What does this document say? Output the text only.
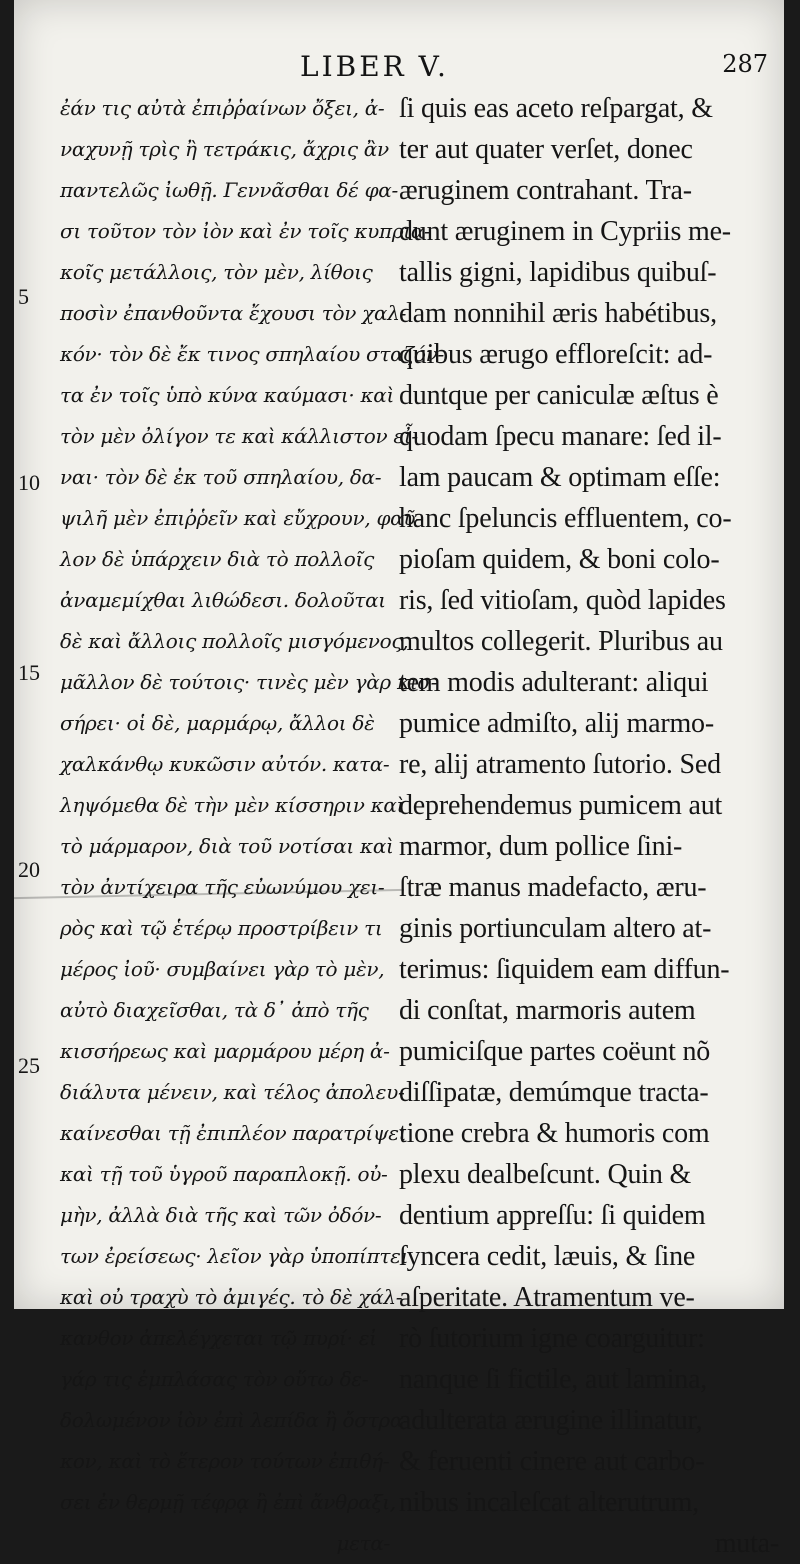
LIBER V.	287
5
10
15
20
25
ἐάν τις αὐτὰ ἐπιῤῥαίνων ὄξει, ἀ-
ναχυνῇ τρὶς ἢ τετράκις, ἄχρις ἂν
παντελῶς ἰωθῇ. Γεννᾶσθαι δέ φα-
σι τοῦτον τὸν ἰὸν καὶ ἐν τοῖς κυπρια-
κοῖς μετάλλοις, τὸν μὲν, λίθοις
ποσὶν ἐπανθοῦντα ἔχουσι τὸν χαλ-
κόν· τὸν δὲ ἔκ τινος σπηλαίου σταζόν-
τα ἐν τοῖς ὑπὸ κύνα καύμασι· καὶ
τὸν μὲν ὀλίγον τε καὶ κάλλιστον εἶ-
ναι· τὸν δὲ ἐκ τοῦ σπηλαίου, δα-
ψιλῆ μὲν ἐπιῤῥεῖν καὶ εὔχρουν, φαῦ-
λον δὲ ὑπάρχειν διὰ τὸ πολλοῖς
ἀναμεμίχθαι λιθώδεσι. δολοῦται
δὲ καὶ ἄλλοις πολλοῖς μισγόμενος,
μᾶλλον δὲ τούτοις· τινὲς μὲν γὰρ κισ-
σήρει· οἱ δὲ, μαρμάρῳ, ἄλλοι δὲ
χαλκάνθῳ κυκῶσιν αὐτόν. κατα-
ληψόμεθα δὲ τὴν μὲν κίσσηριν καὶ
τὸ μάρμαρον, διὰ τοῦ νοτίσαι καὶ
τὸν ἀντίχειρα τῆς εὐωνύμου χει-
ρὸς καὶ τῷ ἑτέρῳ προστρίβειν τι
μέρος ἰοῦ· συμβαίνει γὰρ τὸ μὲν,
αὐτὸ διαχεῖσθαι, τὰ δ᾽ ἀπὸ τῆς
κισσήρεως καὶ μαρμάρου μέρη ἀ-
διάλυτα μένειν, καὶ τέλος ἀπολευ-
καίνεσθαι τῇ ἐπιπλέον παρατρίψει
καὶ τῇ τοῦ ὑγροῦ παραπλοκῇ. οὐ-
μὴν, ἀλλὰ διὰ τῆς καὶ τῶν ὀδόν-
των ἐρείσεως· λεῖον γὰρ ὑποπίπτει
καὶ οὐ τραχὺ τὸ ἀμιγές. τὸ δὲ χάλ-
κανθον ἀπελέγχεται τῷ πυρί· εἰ
γάρ τις ἐμπλάσας τὸν οὕτω δε-
δολωμένον ἰὸν ἐπὶ λεπίδα ἢ ὄστρα-
κον, καὶ τὸ ἕτερον τούτων ἐπιθή-
σει ἐν θερμῇ τέφρᾳ ἢ ἐπὶ ἄνθραξι,
μετα-
ſi quis eas aceto reſpargat, &
ter aut quater verſet, donec
æruginem contrahant. Tra-
dunt æruginem in Cypriis me-
tallis gigni, lapidibus quibuſ-
dam nonnihil æris habétibus,
quibus ærugo effloreſcit: ad-
duntque per caniculæ æſtus è
quodam ſpecu manare: ſed il-
lam paucam & optimam eſſe:
hanc ſpeluncis effluentem, co-
pioſam quidem, & boni colo-
ris, ſed vitioſam, quòd lapides
multos collegerit. Pluribus au
tem modis adulterant: aliqui
pumice admiſto, alij marmo-
re, alij atramento ſutorio. Sed
deprehendemus pumicem aut
marmor, dum pollice ſini-
ſtræ manus madefacto, æru-
ginis portiunculam altero at-
terimus: ſiquidem eam diffun-
di conſtat, marmoris autem
pumiciſque partes coëunt nõ
diſſipatæ, demúmque tracta-
tione crebra & humoris com
plexu dealbeſcunt. Quin &
dentium appreſſu: ſi quidem
ſyncera cedit, læuis, & ſine
aſperitate. Atramentum ve-
rò ſutorium igne coarguitur:
nanque ſi fictile, aut lamina,
adulterata ærugine illinatur,
& feruenti cinere aut carbo-
nibus incaleſcat alterutrum,
muta-
